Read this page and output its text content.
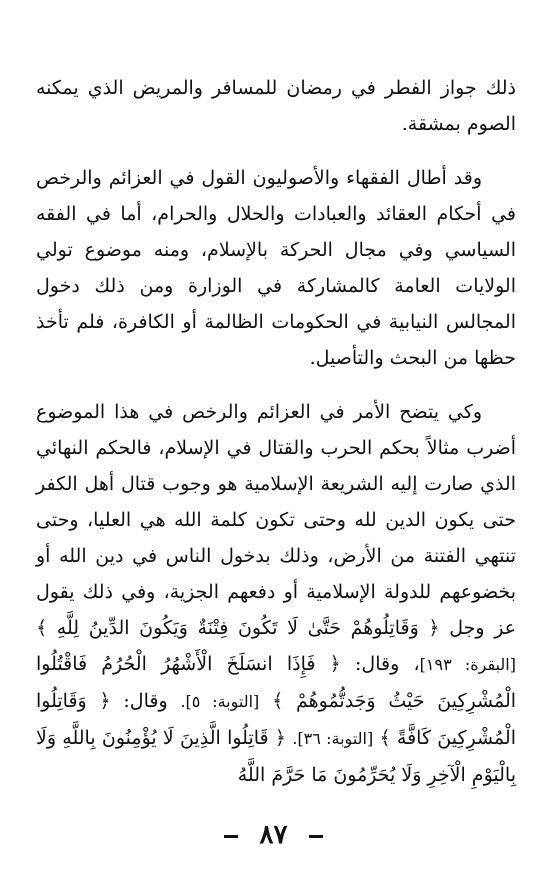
ذلك جواز الفطر في رمضان للمسافر والمريض الذي يمكنه الصوم بمشقة.

وقد أطال الفقهاء والأصوليون القول في العزائم والرخص في أحكام العقائد والعبادات والحلال والحرام، أما في الفقه السياسي وفي مجال الحركة بالإسلام، ومنه موضوع تولي الولايات العامة كالمشاركة في الوزارة ومن ذلك دخول المجالس النيابية في الحكومات الظالمة أو الكافرة، فلم تأخذ حظها من البحث والتأصيل.

وكي يتضح الأمر في العزائم والرخص في هذا الموضوع أضرب مثالاً بحكم الحرب والقتال في الإسلام، فالحكم النهائي الذي صارت إليه الشريعة الإسلامية هو وجوب قتال أهل الكفر حتى يكون الدين لله وحتى تكون كلمة الله هي العليا، وحتى تنتهي الفتنة من الأرض، وذلك بدخول الناس في دين الله أو بخضوعهم للدولة الإسلامية أو دفعهم الجزية، وفي ذلك يقول عز وجل ﴿ وَقَاتِلُوهُمْ حَتَّىٰ لَا تَكُونَ فِتْنَةٌ وَيَكُونَ الدِّينُ لِلَّهِ ﴾ [البقرة: ١٩٣]، وقال: ﴿ فَإِذَا انسَلَخَ الْأَشْهُرُ الْحُرُمُ فَاقْتُلُوا الْمُشْرِكِينَ حَيْثُ وَجَدتُّمُوهُمْ ﴾ [التوبة: ٥]. وقال: ﴿ وَقَاتِلُوا الْمُشْرِكِينَ كَافَّةً ﴾ [التوبة: ٣٦]. ﴿ قَاتِلُوا الَّذِينَ لَا يُؤْمِنُونَ بِاللَّهِ وَلَا بِالْيَوْمِ الْآخِرِ وَلَا يُحَرِّمُونَ مَا حَرَّمَ اللَّهُ

٨٧
